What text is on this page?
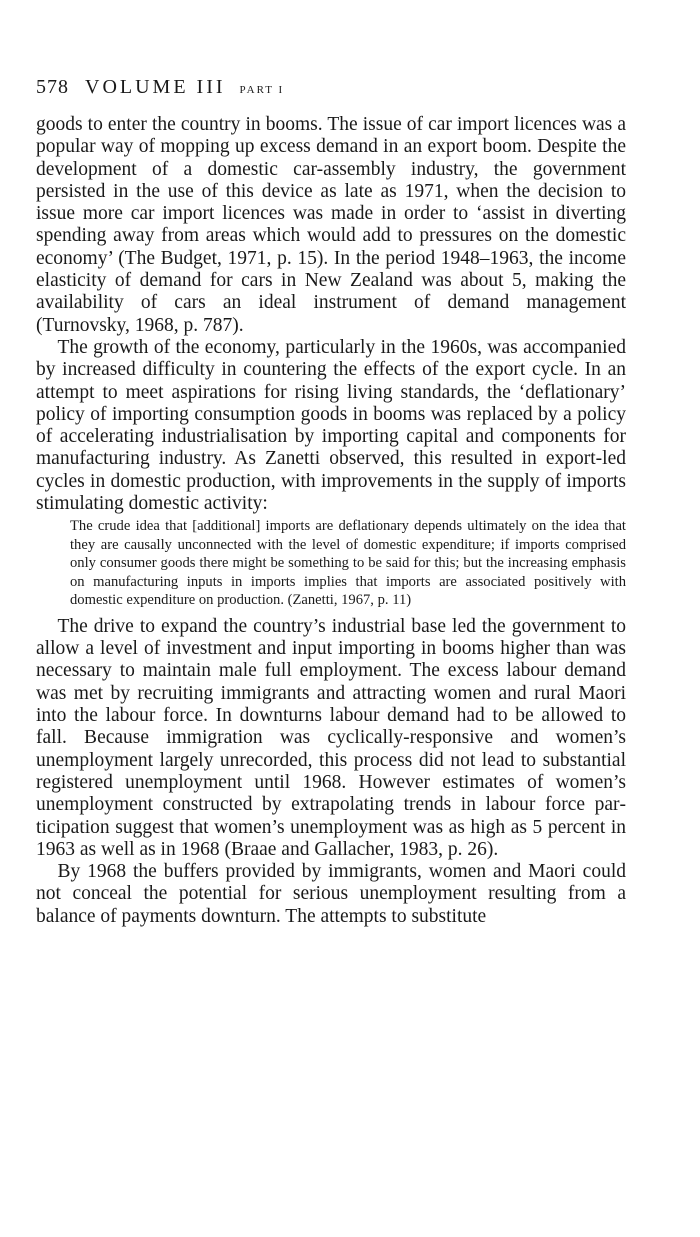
578 VOLUME III PART I

goods to enter the country in booms. The issue of car import licences was a popular way of mopping up excess demand in an export boom. Despite the development of a domestic car-assembly industry, the government persisted in the use of this device as late as 1971, when the decision to issue more car import licences was made in order to ‘assist in diverting spending away from areas which would add to pressures on the domestic economy’ (The Budget, 1971, p. 15). In the period 1948–1963, the income elasticity of demand for cars in New Zealand was about 5, making the availability of cars an ideal instrument of demand management (Turnovsky, 1968, p. 787).

The growth of the economy, particularly in the 1960s, was accompanied by increased difficulty in countering the effects of the export cycle. In an attempt to meet aspirations for rising living standards, the ‘deflationary’ policy of importing consumption goods in booms was replaced by a policy of accelerating industrialisation by importing capital and components for manufacturing industry. As Zanetti observed, this resulted in export-led cycles in domestic production, with improvements in the supply of imports stimulating domestic activity:

The crude idea that [additional] imports are deflationary depends ultimately on the idea that they are causally unconnected with the level of domestic expenditure; if imports comprised only consumer goods there might be something to be said for this; but the increasing emphasis on manufacturing inputs in imports implies that imports are associated positively with domestic expenditure on production. (Zanetti, 1967, p. 11)

The drive to expand the country’s industrial base led the government to allow a level of investment and input importing in booms higher than was necessary to maintain male full employment. The excess labour demand was met by recruiting immigrants and attracting women and rural Maori into the labour force. In downturns labour demand had to be allowed to fall. Because immigration was cyclically-responsive and women’s unemployment largely unrecorded, this process did not lead to substantial registered unemployment until 1968. However estimates of women’s unemployment constructed by extrapolating trends in labour force participation suggest that women’s unemployment was as high as 5 percent in 1963 as well as in 1968 (Braae and Gallacher, 1983, p. 26).

By 1968 the buffers provided by immigrants, women and Maori could not conceal the potential for serious unemployment resulting from a balance of payments downturn. The attempts to substitute
